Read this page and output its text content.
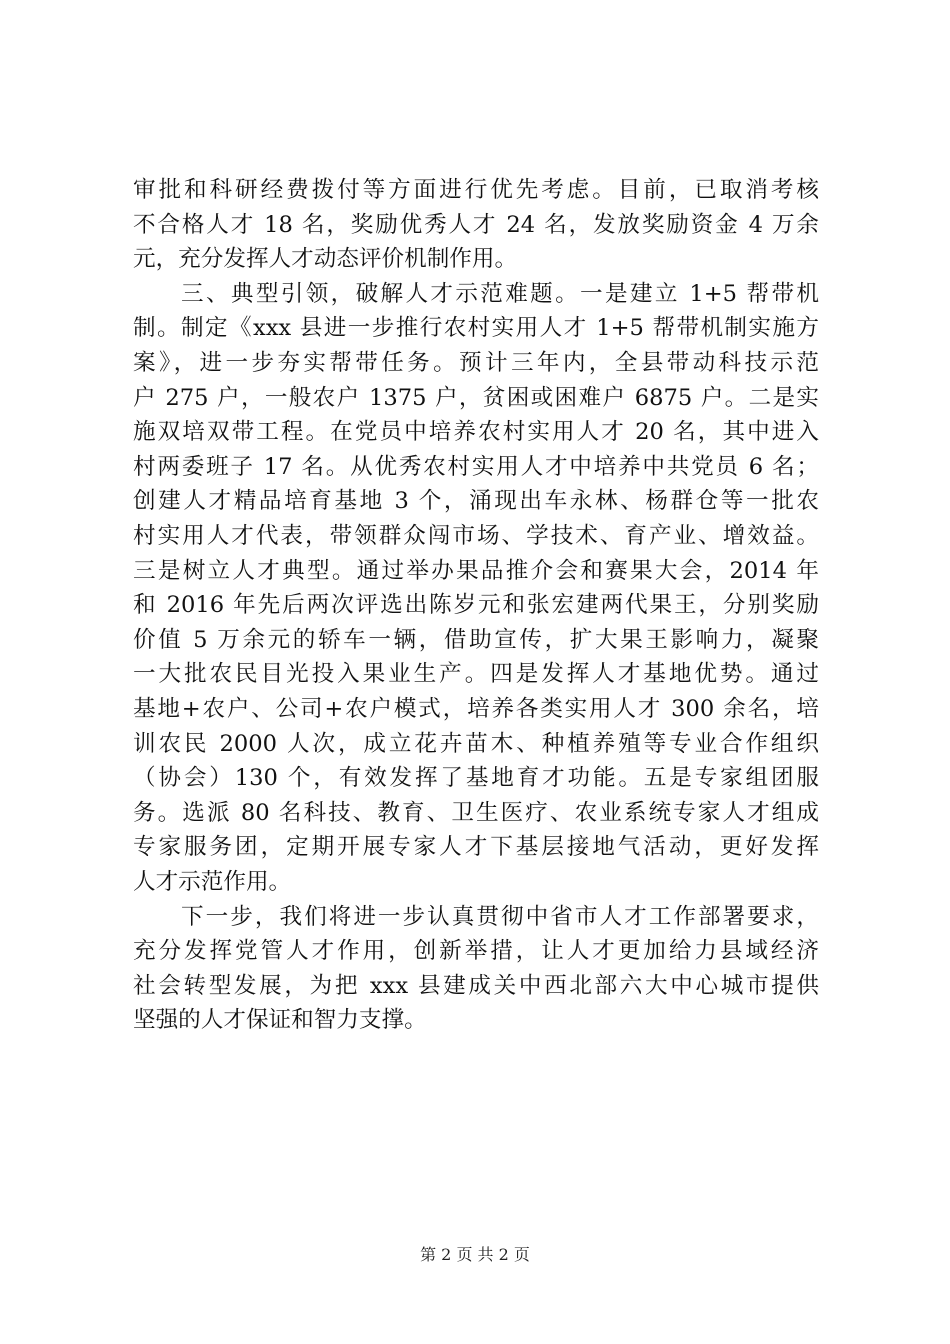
审批和科研经费拨付等方面进行优先考虑。目前，已取消考核
不合格人才 18 名，奖励优秀人才 24 名，发放奖励资金 4 万余
元，充分发挥人才动态评价机制作用。
三、典型引领，破解人才示范难题。一是建立 1+5 帮带机
制。制定《xxx 县进一步推行农村实用人才 1+5 帮带机制实施方
案》，进一步夯实帮带任务。预计三年内，全县带动科技示范
户 275 户，一般农户 1375 户，贫困或困难户 6875 户。二是实
施双培双带工程。在党员中培养农村实用人才 20 名，其中进入
村两委班子 17 名。从优秀农村实用人才中培养中共党员 6 名；
创建人才精品培育基地 3 个，涌现出车永林、杨群仓等一批农
村实用人才代表，带领群众闯市场、学技术、育产业、增效益。
三是树立人才典型。通过举办果品推介会和赛果大会，2014 年
和 2016 年先后两次评选出陈岁元和张宏建两代果王，分别奖励
价值 5 万余元的轿车一辆，借助宣传，扩大果王影响力，凝聚
一大批农民目光投入果业生产。四是发挥人才基地优势。通过
基地+农户、公司+农户模式，培养各类实用人才 300 余名，培
训农民 2000 人次，成立花卉苗木、种植养殖等专业合作组织
（协会）130 个，有效发挥了基地育才功能。五是专家组团服
务。选派 80 名科技、教育、卫生医疗、农业系统专家人才组成
专家服务团，定期开展专家人才下基层接地气活动，更好发挥
人才示范作用。
下一步，我们将进一步认真贯彻中省市人才工作部署要求，
充分发挥党管人才作用，创新举措，让人才更加给力县域经济
社会转型发展，为把 xxx 县建成关中西北部六大中心城市提供
坚强的人才保证和智力支撑。
第 2 页 共 2 页
